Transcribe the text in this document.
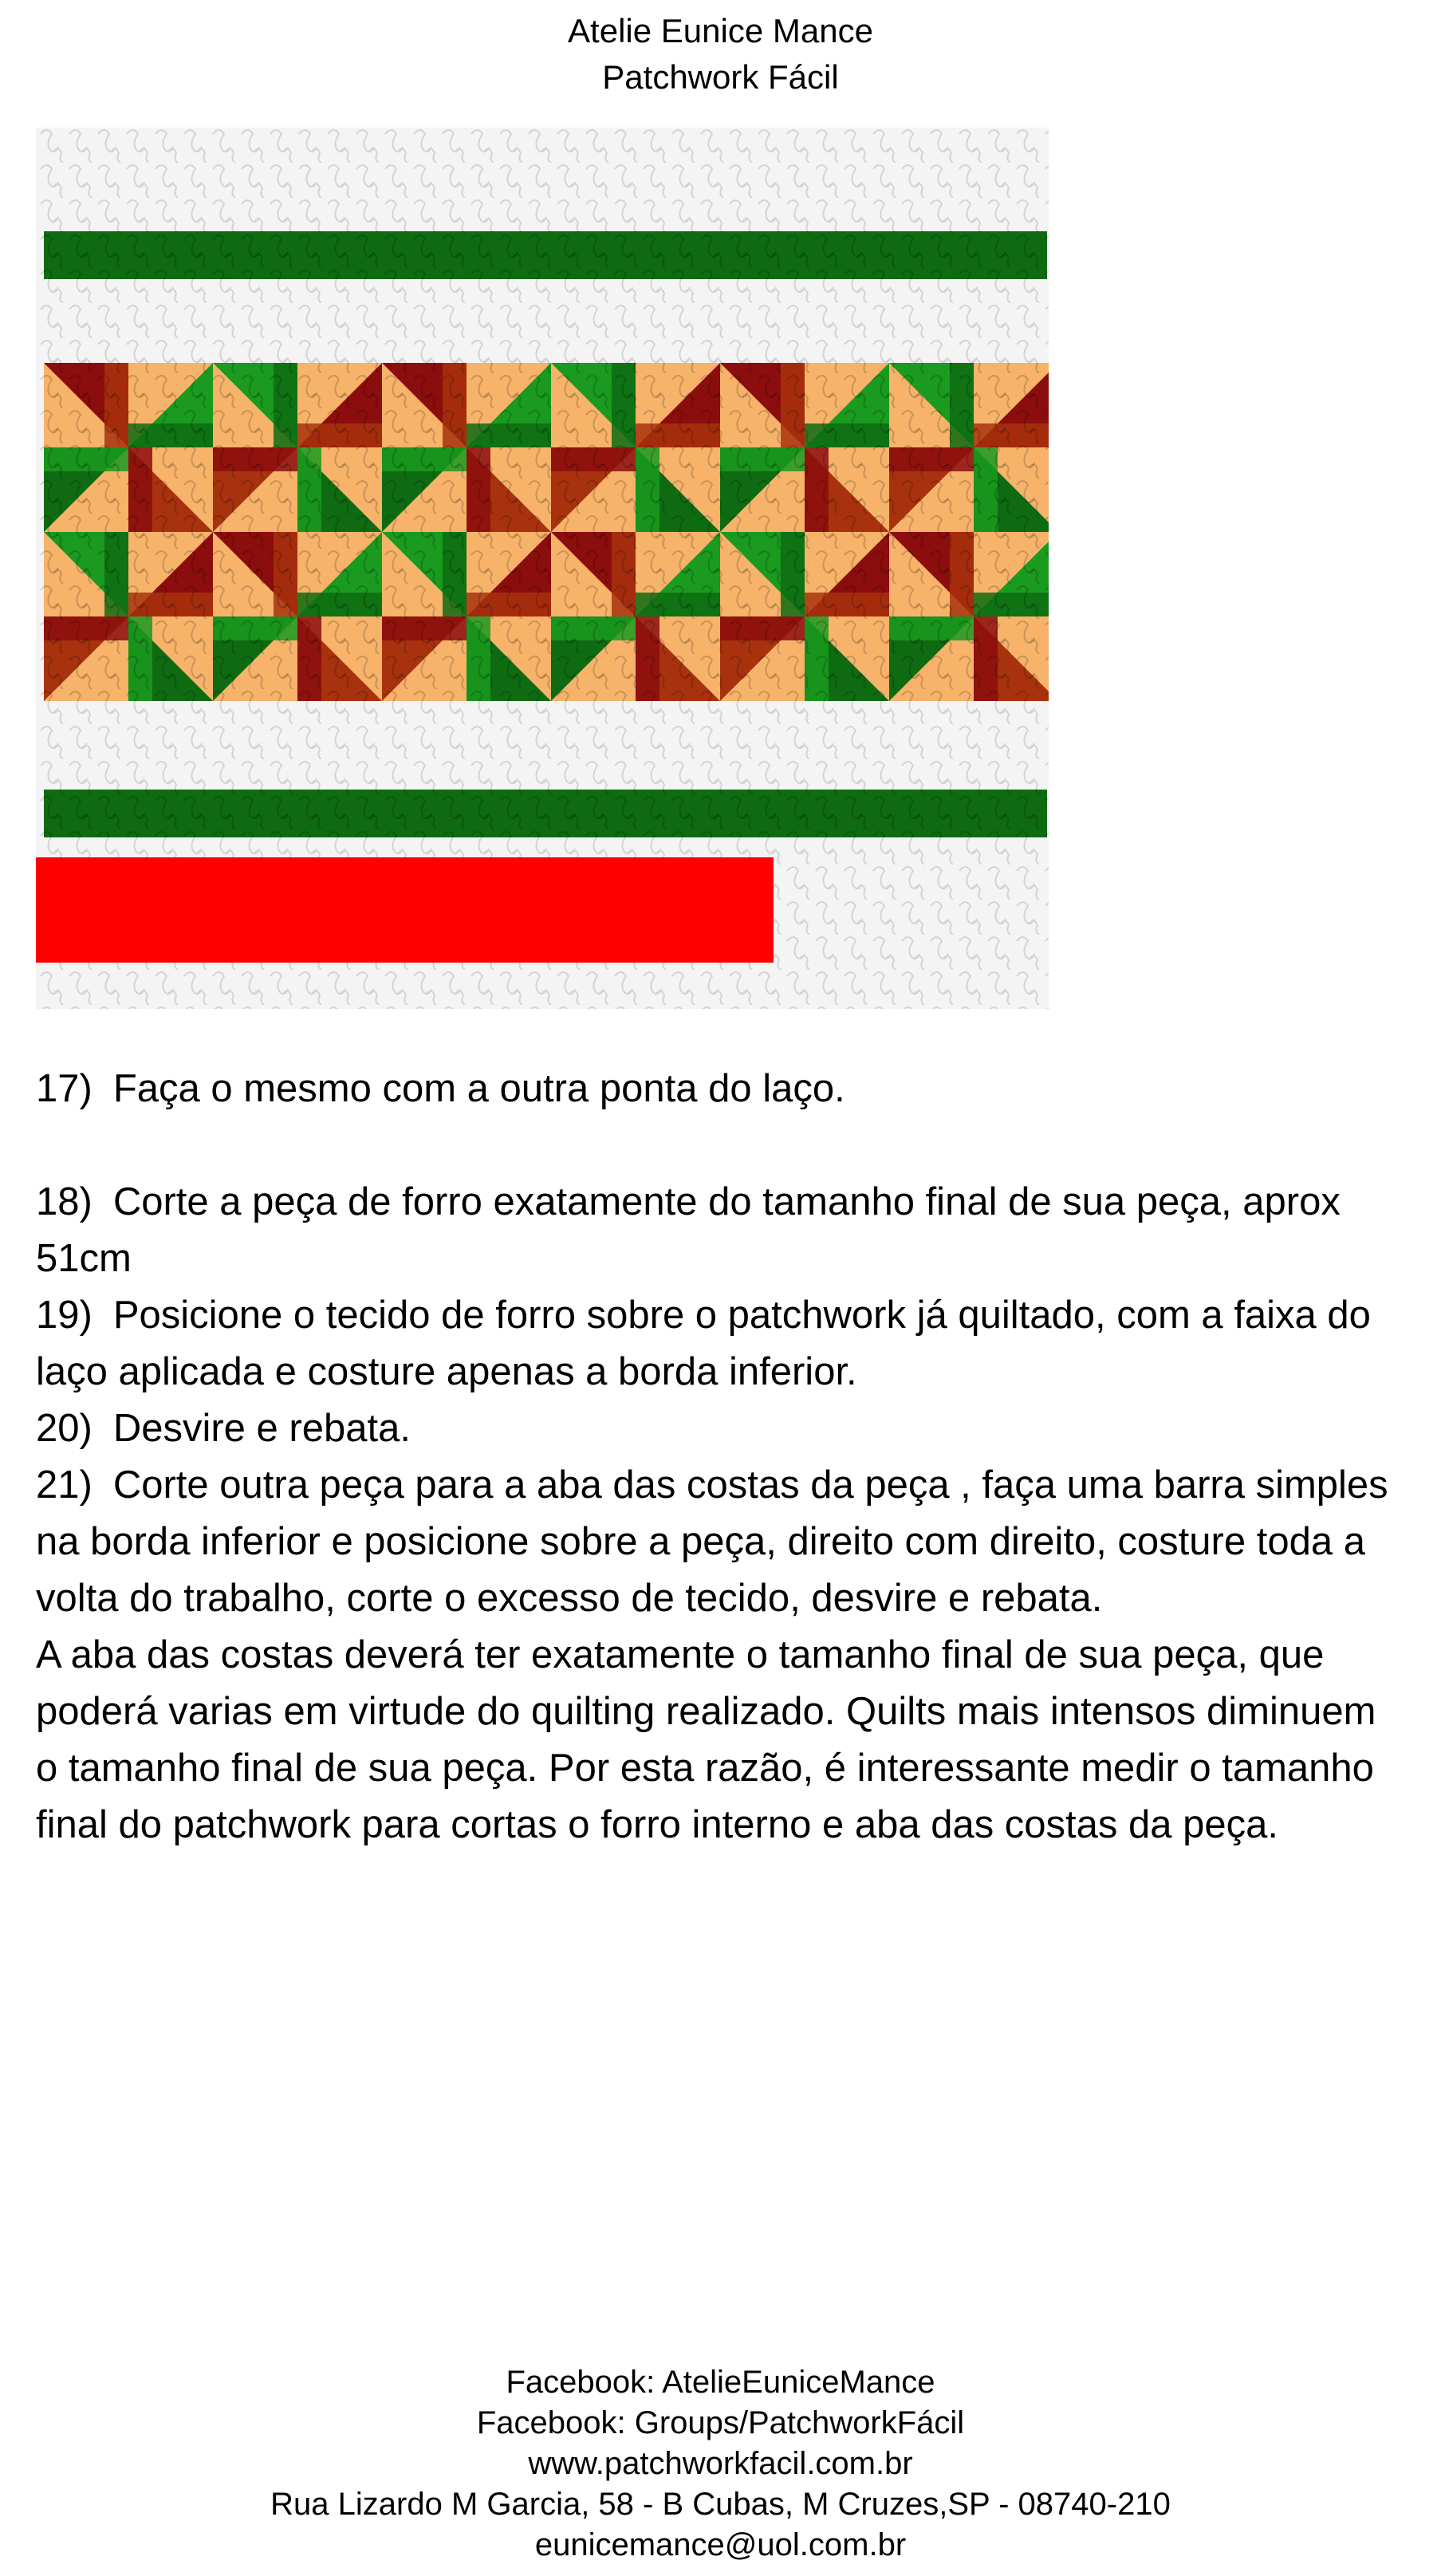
Atelie Eunice Mance
Patchwork Fácil

17) Faça o mesmo com a outra ponta do laço.

18) Corte a peça de forro exatamente do tamanho final de sua peça, aprox 51cm

19) Posicione o tecido de forro sobre o patchwork já quiltado, com a faixa do laço aplicada e costure apenas a borda inferior.

20) Desvire e rebata.

21) Corte outra peça para a aba das costas da peça , faça uma barra simples na borda inferior e posicione sobre a peça, direito com direito, costure toda a volta do trabalho, corte o excesso de tecido, desvire e rebata.

A aba das costas deverá ter exatamente o tamanho final de sua peça, que poderá varias em virtude do quilting realizado. Quilts mais intensos diminuem o tamanho final de sua peça. Por esta razão, é interessante medir o tamanho final do patchwork para cortas o forro interno e aba das costas da peça.

Facebook: AtelieEuniceMance
Facebook: Groups/PatchworkFácil
www.patchworkfacil.com.br
Rua Lizardo M Garcia, 58 - B Cubas, M Cruzes,SP - 08740-210
eunicemance@uol.com.br
